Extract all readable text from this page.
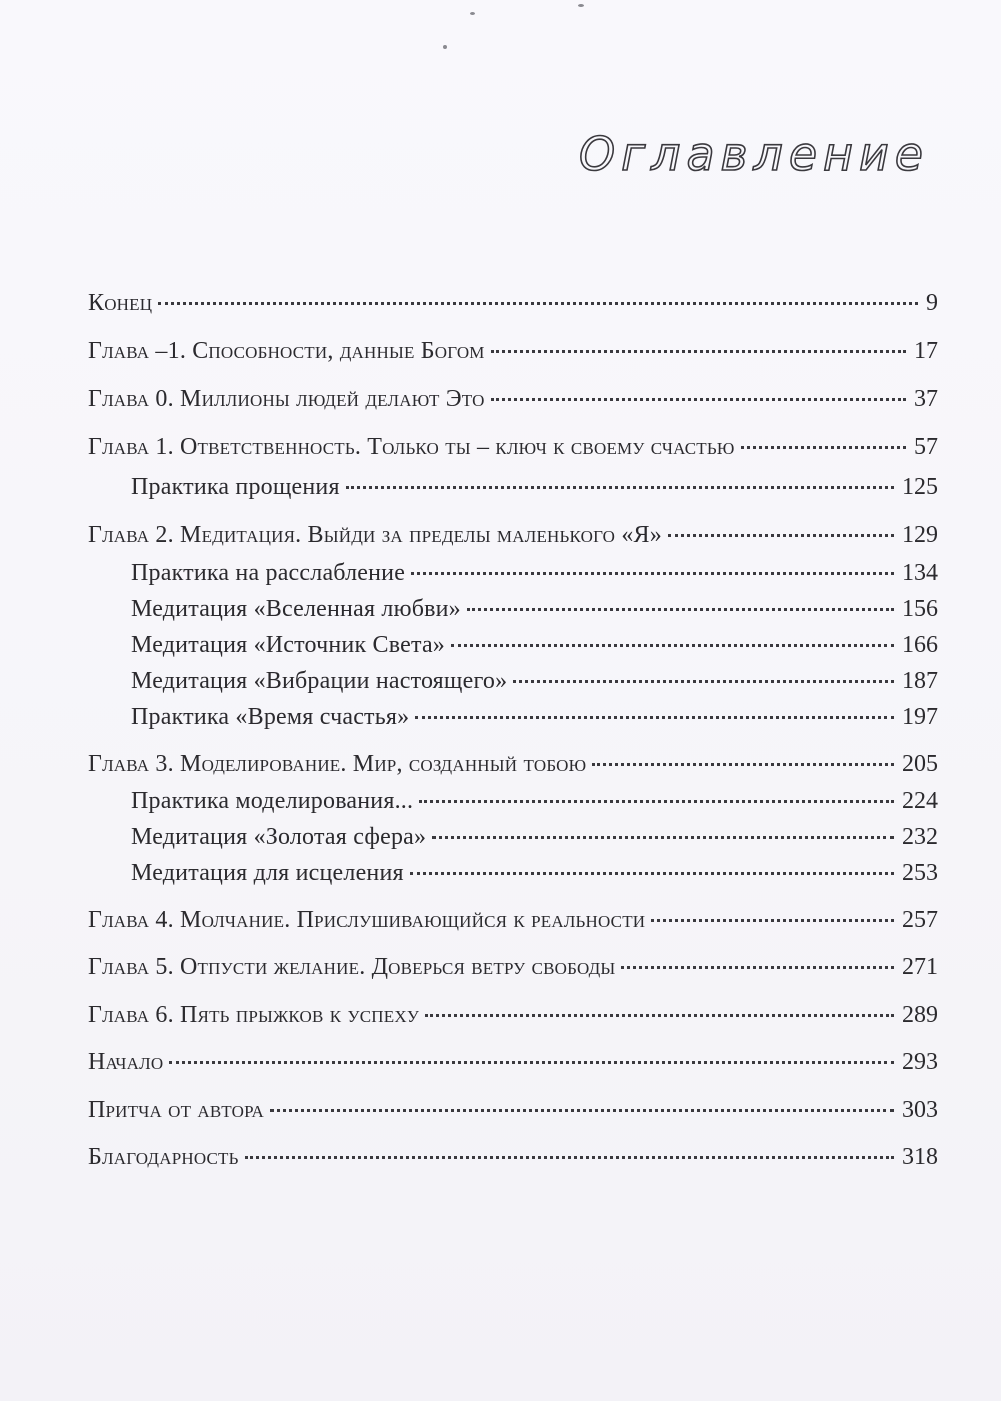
Оглавление
Конец	9
Глава –1. Способности, данные Богом	17
Глава 0. Миллионы людей делают Это	37
Глава 1. Ответственность. Только ты – ключ к своему счастью	57
Практика прощения	125
Глава 2. Медитация. Выйди за пределы маленького «Я»	129
Практика на расслабление	134
Медитация «Вселенная любви»	156
Медитация «Источник Света»	166
Медитация «Вибрации настоящего»	187
Практика «Время счастья»	197
Глава 3. Моделирование. Мир, созданный тобою	205
Практика моделирования...	224
Медитация «Золотая сфера»	232
Медитация для исцеления	253
Глава 4. Молчание. Прислушивающийся к реальности	257
Глава 5. Отпусти желание. Доверься ветру свободы	271
Глава 6. Пять прыжков к успеху	289
Начало	293
Притча от автора	303
Благодарность	318
